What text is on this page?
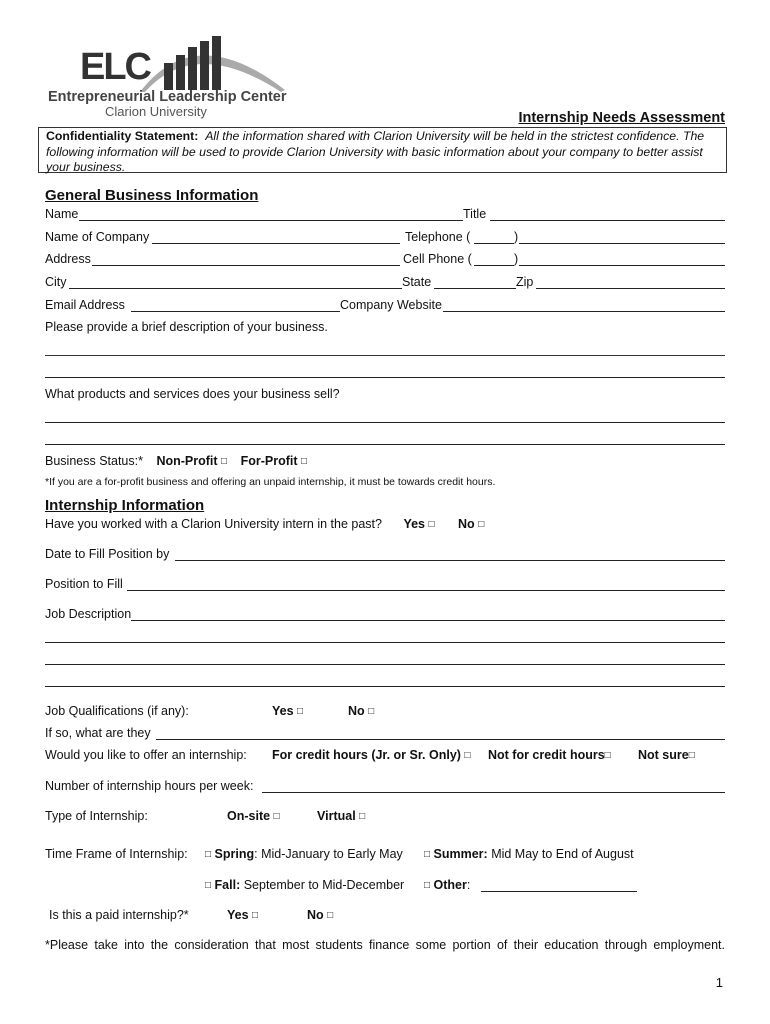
ELC
Entrepreneurial Leadership Center
Clarion University	Internship Needs Assessment
Confidentiality Statement: All the information shared with Clarion University will be held in the strictest confidence. The
following information will be used to provide Clarion University with basic information about your company to better assist
your business.
General Business Information
Name	Title
Name of Company	Telephone (	)
Address	Cell Phone (	)
City	State	Zip
Email Address	Company Website
Please provide a brief description of your business.
What products and services does your business sell?
Business Status:* Non-Profit □ For-Profit □
*If you are a for-profit business and offering an unpaid internship, it must be towards credit hours.
Internship Information
Have you worked with a Clarion University intern in the past? Yes □ No □
Date to Fill Position by
Position to Fill
Job Description
Job Qualifications (if any):	Yes □	No □
If so, what are they
Would you like to offer an internship: For credit hours (Jr. or Sr. Only) □ Not for credit hours□ Not sure□
Number of internship hours per week:
Type of Internship:	On-site □	Virtual □
Time Frame of Internship: □ Spring: Mid-January to Early May □ Summer: Mid May to End of August
□ Fall: September to Mid-December □ Other:
Is this a paid internship?*	Yes □	No □
*Please take into the consideration that most students finance some portion of their education through employment.
1
